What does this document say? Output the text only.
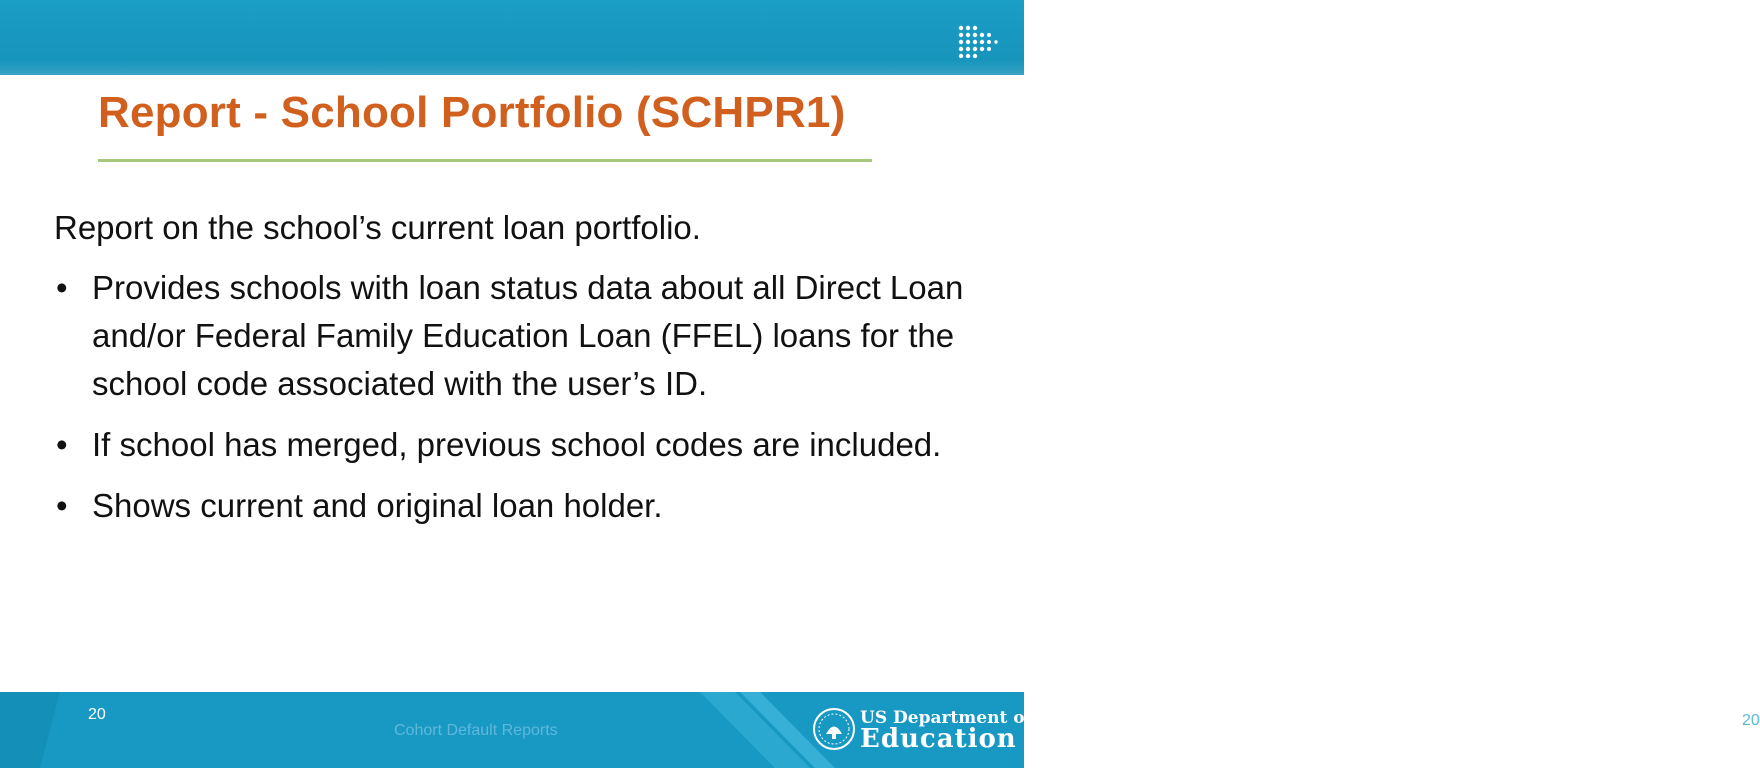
Report - School Portfolio (SCHPR1)
Report on the school’s current loan portfolio.
• Provides schools with loan status data about all Direct Loan and/or Federal Family Education Loan (FFEL) loans for the school code associated with the user’s ID.
• If school has merged, previous school codes are included.
• Shows current and original loan holder.
20
Cohort Default Reports
20
US Department of
Education
